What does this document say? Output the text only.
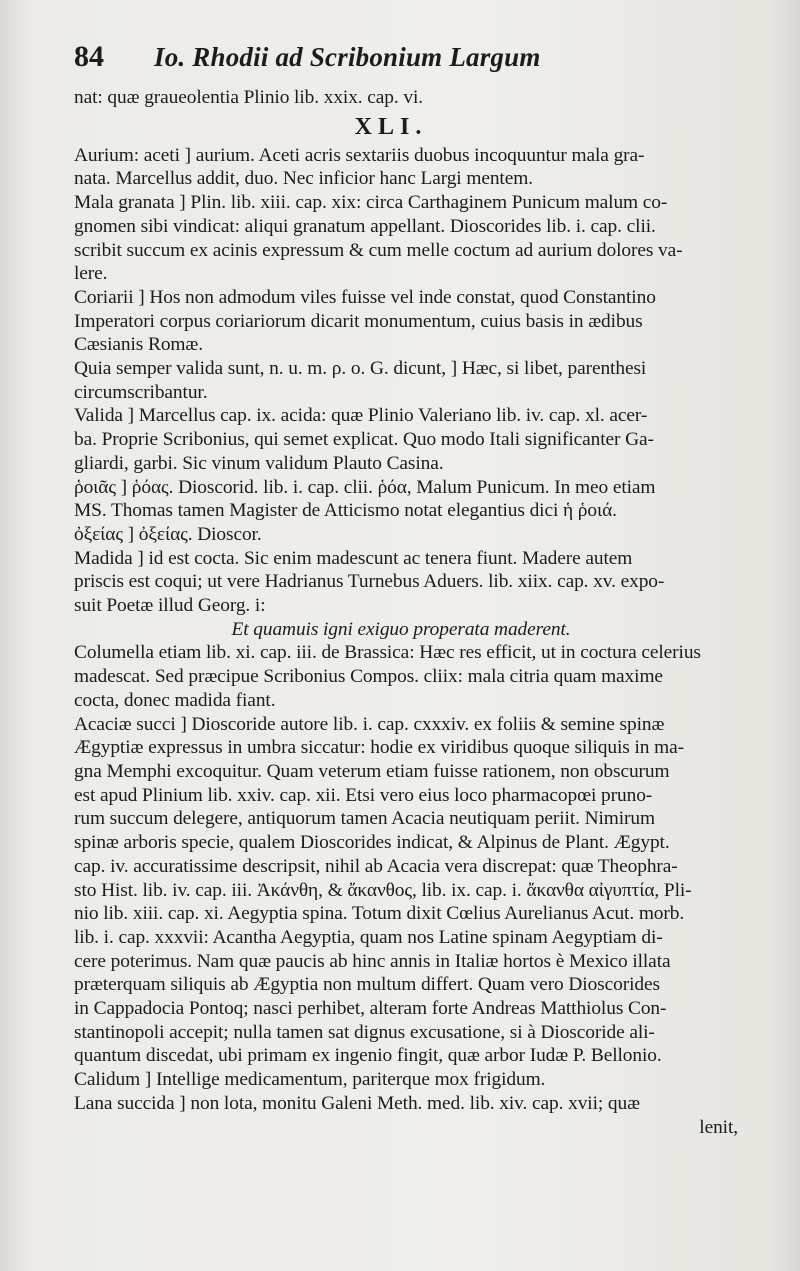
84	Io. Rhodii ad Scribonium Largum
nat: quæ graueolentia Plinio lib. xxix. cap. vi.
XLI.
Aurium: aceti ] aurium. Aceti acris sextariis duobus incoquuntur mala gra-
nata. Marcellus addit, duo. Nec inficior hanc Largi mentem.
Mala granata ] Plin. lib. xiii. cap. xix: circa Carthaginem Punicum malum co-
gnomen sibi vindicat: aliqui granatum appellant. Dioscorides lib. i. cap. clii.
scribit succum ex acinis expressum & cum melle coctum ad aurium dolores va-
lere.
Coriarii ] Hos non admodum viles fuisse vel inde constat, quod Constantino
Imperatori corpus coriariorum dicarit monumentum, cuius basis in ædibus
Cæsianis Romæ.
Quia semper valida sunt, n. u. m. ρ. ο. G. dicunt, ] Hæc, si libet, parenthesi
circumscribantur.
Valida ] Marcellus cap. ix. acida: quæ Plinio Valeriano lib. iv. cap. xl. acer-
ba. Proprie Scribonius, qui semet explicat. Quo modo Itali significanter Ga-
gliardi, garbi. Sic vinum validum Plauto Casina.
ῥοιᾶς ] ῥόας. Dioscorid. lib. i. cap. clii. ῥόα, Malum Punicum. In meo etiam
MS. Thomas tamen Magister de Atticismo notat elegantius dici ἡ ῥοιά.
ὀξείας ] ὀξείας. Dioscor.
Madida ] id est cocta. Sic enim madescunt ac tenera fiunt. Madere autem
priscis est coqui; ut vere Hadrianus Turnebus Aduers. lib. xiix. cap. xv. expo-
suit Poetæ illud Georg. i:
Et quamuis igni exiguo properata maderent.
Columella etiam lib. xi. cap. iii. de Brassica: Hæc res efficit, ut in coctura celerius
madescat. Sed præcipue Scribonius Compos. cliix: mala citria quam maxime
cocta, donec madida fiant.
Acaciæ succi ] Dioscoride autore lib. i. cap. cxxxiv. ex foliis & semine spinæ
Ægyptiæ expressus in umbra siccatur: hodie ex viridibus quoque siliquis in ma-
gna Memphi excoquitur. Quam veterum etiam fuisse rationem, non obscurum
est apud Plinium lib. xxiv. cap. xii. Etsi vero eius loco pharmacopœi pruno-
rum succum delegere, antiquorum tamen Acacia neutiquam periit. Nimirum
spinæ arboris specie, qualem Dioscorides indicat, & Alpinus de Plant. Ægypt.
cap. iv. accuratissime descripsit, nihil ab Acacia vera discrepat: quæ Theophra-
sto Hist. lib. iv. cap. iii. Ἀκάνθη, & ἄκανθος, lib. ix. cap. i. ἄκανθα αἰγυπτία, Pli-
nio lib. xiii. cap. xi. Aegyptia spina. Totum dixit Cœlius Aurelianus Acut. morb.
lib. i. cap. xxxvii: Acantha Aegyptia, quam nos Latine spinam Aegyptiam di-
cere poterimus. Nam quæ paucis ab hinc annis in Italiæ hortos è Mexico illata
præterquam siliquis ab Ægyptia non multum differt. Quam vero Dioscorides
in Cappadocia Pontoq; nasci perhibet, alteram forte Andreas Matthiolus Con-
stantinopoli accepit; nulla tamen sat dignus excusatione, si à Dioscoride ali-
quantum discedat, ubi primam ex ingenio fingit, quæ arbor Iudæ P. Bellonio.
Calidum ] Intellige medicamentum, pariterque mox frigidum.
Lana succida ] non lota, monitu Galeni Meth. med. lib. xiv. cap. xvii; quæ
lenit,
